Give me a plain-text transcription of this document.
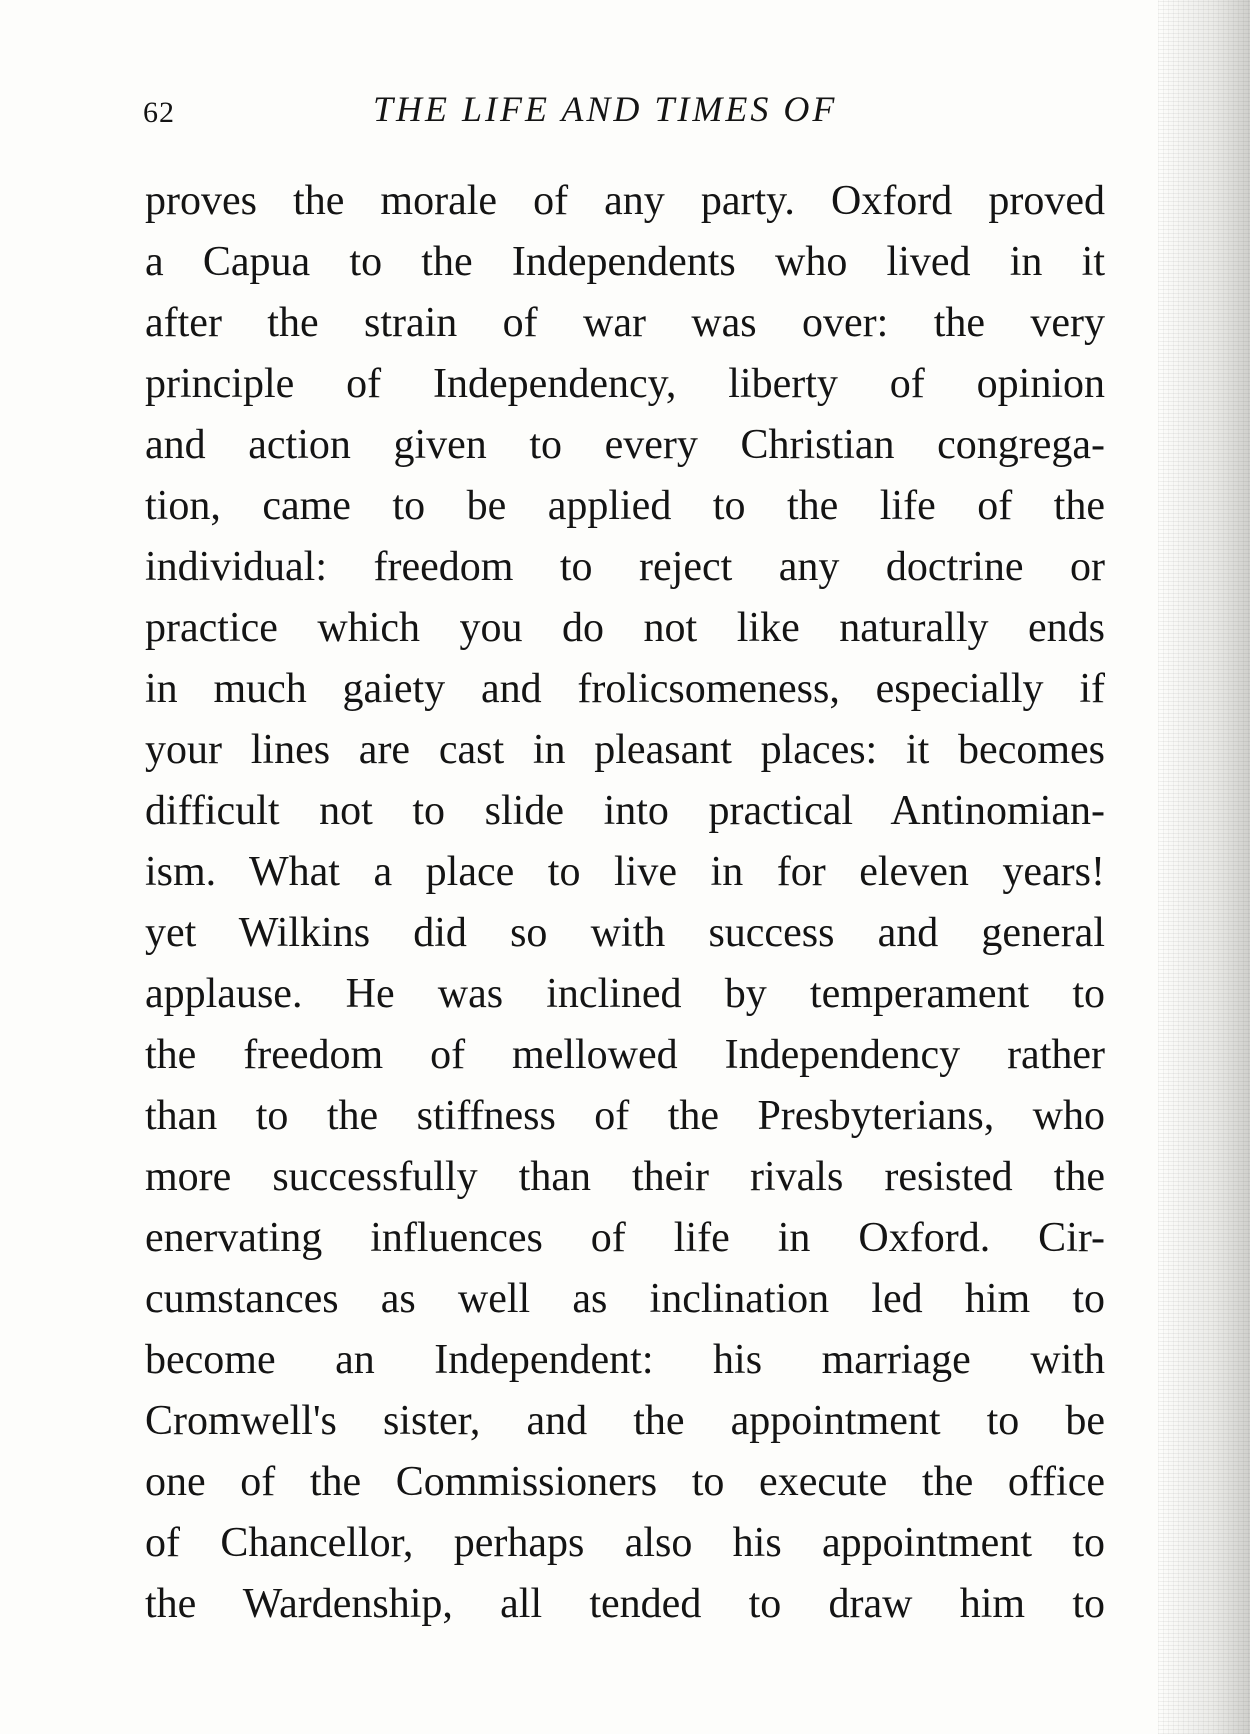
62	THE LIFE AND TIMES OF
proves the morale of any party. Oxford proved
a Capua to the Independents who lived in it
after the strain of war was over: the very
principle of Independency, liberty of opinion
and action given to every Christian congrega-
tion, came to be applied to the life of the
individual: freedom to reject any doctrine or
practice which you do not like naturally ends
in much gaiety and frolicsomeness, especially if
your lines are cast in pleasant places: it becomes
difficult not to slide into practical Antinomian-
ism. What a place to live in for eleven years!
yet Wilkins did so with success and general
applause. He was inclined by temperament to
the freedom of mellowed Independency rather
than to the stiffness of the Presbyterians, who
more successfully than their rivals resisted the
enervating influences of life in Oxford. Cir-
cumstances as well as inclination led him to
become an Independent: his marriage with
Cromwell's sister, and the appointment to be
one of the Commissioners to execute the office
of Chancellor, perhaps also his appointment to
the Wardenship, all tended to draw him to
